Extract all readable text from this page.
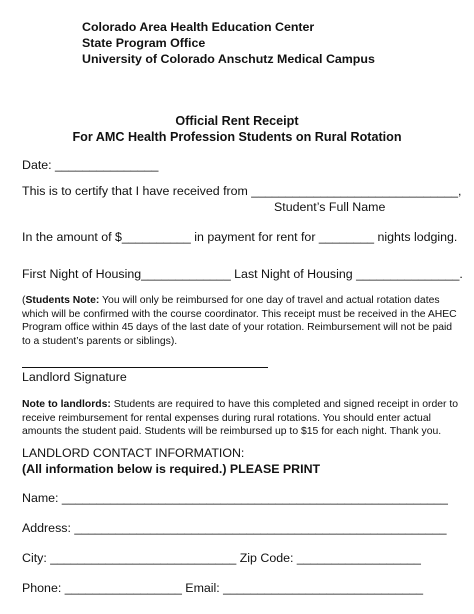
Colorado Area Health Education Center
State Program Office
University of Colorado Anschutz Medical Campus
Official Rent Receipt
For AMC Health Profession Students on Rural Rotation
Date: _______________
This is to certify that I have received from ______________________________,
Student’s Full Name
In the amount of $__________ in payment for rent for ________ nights lodging.
First Night of Housing_____________ Last Night of Housing _______________.
(Students Note: You will only be reimbursed for one day of travel and actual rotation dates which will be confirmed with the course coordinator. This receipt must be received in the AHEC Program office within 45 days of the last date of your rotation. Reimbursement will not be paid to a student’s parents or siblings).
Landlord Signature
Note to landlords: Students are required to have this completed and signed receipt in order to receive reimbursement for rental expenses during rural rotations. You should enter actual amounts the student paid. Students will be reimbursed up to $15 for each night. Thank you.
LANDLORD CONTACT INFORMATION:
(All information below is required.) PLEASE PRINT
Name: ________________________________________________________
Address: ______________________________________________________
City: ___________________________ Zip Code: __________________
Phone: _________________ Email: _____________________________
